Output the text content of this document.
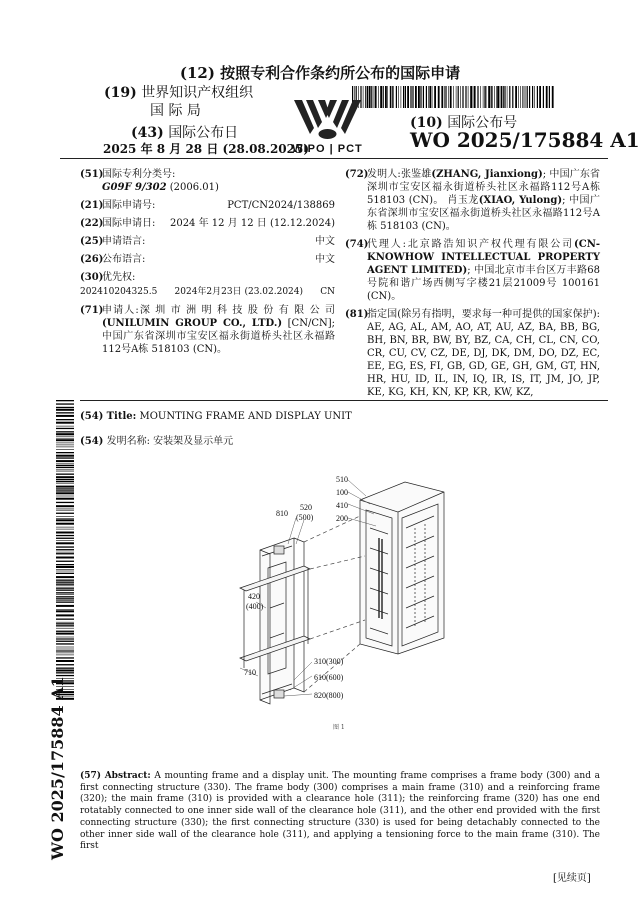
(12) 按照专利合作条约所公布的国际申请
(19) 世界知识产权组织
国 际 局
(43) 国际公布日
2025 年 8 月 28 日 (28.08.2025)
(10) 国际公布号
WO 2025/175884 A1
WIPO | PCT
(51)
国际专利分类号:
G09F 9/302 (2006.01)
(21)
国际申请号:	PCT/CN2024/138869
(22)
国际申请日: 2024 年 12 月 12 日 (12.12.2024)
(25)
申请语言:	中文
(26)
公布语言:	中文
(30)
优先权:
202410204325.5 2024年2月23日 (23.02.2024) CN
(71)
申请人:深 圳 市 洲 明 科 技 股 份 有 限 公 司 (UNILUMIN GROUP CO., LTD.) [CN/CN]; 中国广东省深圳市宝安区福永街道桥头社区永福路112号A栋 518103 (CN)。
(72)
发明人:张鉴雄(ZHANG, Jianxiong); 中国广东省深圳市宝安区福永街道桥头社区永福路112号A栋 518103 (CN)。 肖玉龙(XIAO, Yulong); 中国广东省深圳市宝安区福永街道桥头社区永福路112号A栋 518103 (CN)。
(74)
代理人:北京路浩知识产权代理有限公司(CN-KNOWHOW INTELLECTUAL PROPERTY AGENT LIMITED); 中国北京市丰台区万丰路68号院和谐广场西侧写字楼21层21009号 100161 (CN)。
(81)
指定国(除另有指明，要求每一种可提供的国家保护): AE, AG, AL, AM, AO, AT, AU, AZ, BA, BB, BG, BH, BN, BR, BW, BY, BZ, CA, CH, CL, CN, CO, CR, CU, CV, CZ, DE, DJ, DK, DM, DO, DZ, EC, EE, EG, ES, FI, GB, GD, GE, GH, GM, GT, HN, HR, HU, ID, IL, IN, IQ, IR, IS, IT, JM, JO, JP, KE, KG, KH, KN, KP, KR, KW, KZ,
WO 2025/175884 A1
(54) Title: MOUNTING FRAME AND DISPLAY UNIT
(54) 发明名称: 安装架及显示单元
510
100
410
200
810
520
(500)
420
(400)
710
310(300)
610(600)
820(800)
图 1
(57) Abstract: A mounting frame and a display unit. The mounting frame comprises a frame body (300) and a first connecting structure (330). The frame body (300) comprises a main frame (310) and a reinforcing frame (320); the main frame (310) is provided with a clearance hole (311); the reinforcing frame (320) has one end rotatably connected to one inner side wall of the clearance hole (311), and the other end provided with the first connecting structure (330); the first connecting structure (330) is used for being detachably connected to the other inner side wall of the clearance hole (311), and applying a tensioning force to the main frame (310). The first
[见续页]
